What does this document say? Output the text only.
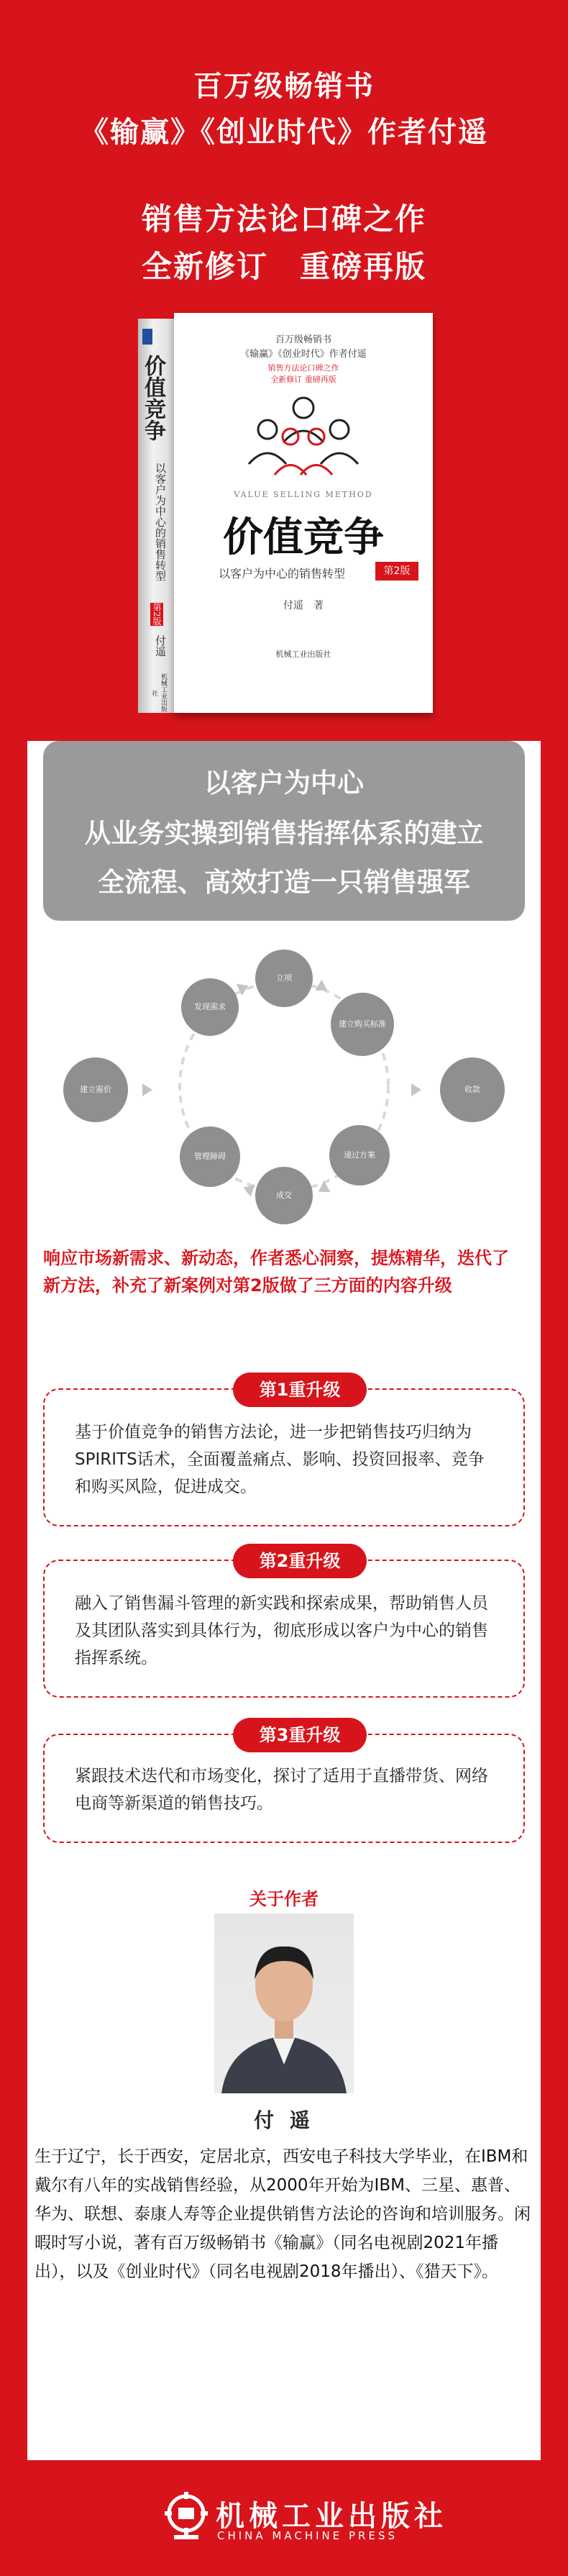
百万级畅销书
《输赢》《创业时代》作者付遥
销售方法论口碑之作
全新修订　重磅再版
价值竞争
以客户为中心的销售转型
第2版
付遥
机械工业出版社
百万级畅销书
《输赢》《创业时代》作者付遥
销售方法论口碑之作
全新修订 重磅再版
VALUE SELLING METHOD
价值竞争
以客户为中心的销售转型	第2版
付遥　著
机械工业出版社
以客户为中心
从业务实操到销售指挥体系的建立
全流程、高效打造一只销售强军
建立需价
发现需求
立项
建立购买标准
管理障碍	递过方案
成交
收款
响应市场新需求、新动态，作者悉心洞察，提炼精华，迭代了新方法，补充了新案例对第2版做了三方面的内容升级
第1重升级
基于价值竞争的销售方法论，进一步把销售技巧归纳为SPIRITS话术，全面覆盖痛点、影响、投资回报率、竞争和购买风险，促进成交。
第2重升级
融入了销售漏斗管理的新实践和探索成果，帮助销售人员及其团队落实到具体行为，彻底形成以客户为中心的销售指挥系统。
第3重升级
紧跟技术迭代和市场变化，探讨了适用于直播带货、网络电商等新渠道的销售技巧。
关于作者
付 遥
生于辽宁，长于西安，定居北京，西安电子科技大学毕业，在IBM和戴尔有八年的实战销售经验，从2000年开始为IBM、三星、惠普、华为、联想、泰康人寿等企业提供销售方法论的咨询和培训服务。闲暇时写小说，著有百万级畅销书《输赢》（同名电视剧2021年播出），以及《创业时代》（同名电视剧2018年播出）、《猎天下》。
机械工业出版社
CHINA MACHINE PRESS
